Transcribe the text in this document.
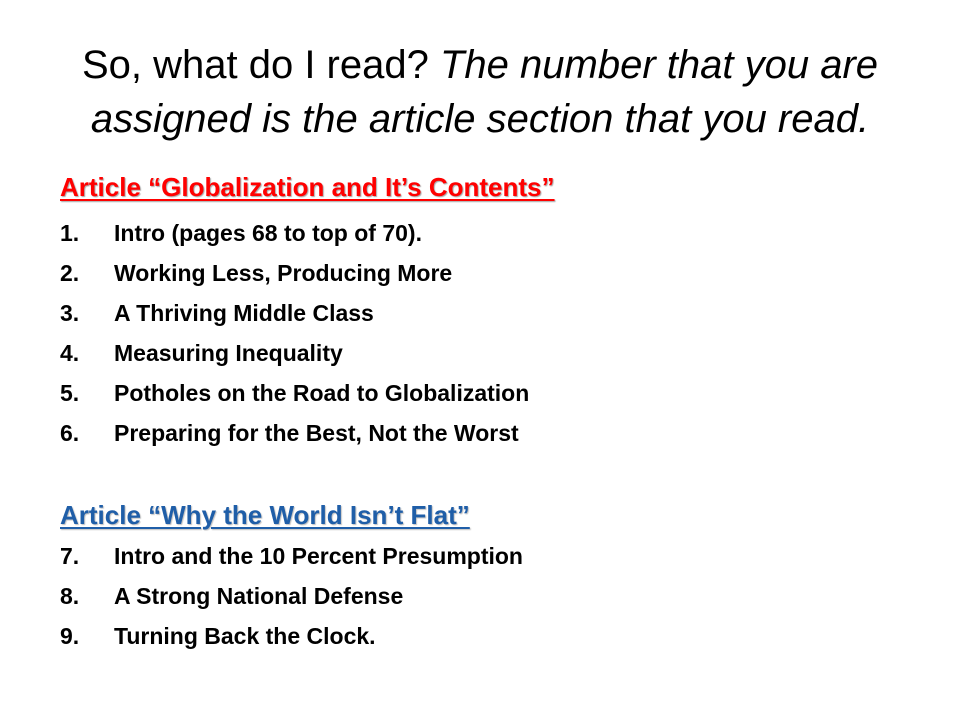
So, what do I read? The number that you are assigned is the article section that you read.
Article “Globalization and It’s Contents”
1.	Intro (pages 68 to top of 70).
2.	Working Less, Producing More
3.	A Thriving Middle Class
4.	Measuring Inequality
5.	Potholes on the Road to Globalization
6.	Preparing for the Best, Not the Worst
Article “Why the World Isn’t Flat”
7.	Intro and the 10 Percent Presumption
8.	A Strong National Defense
9.	Turning Back the Clock.
